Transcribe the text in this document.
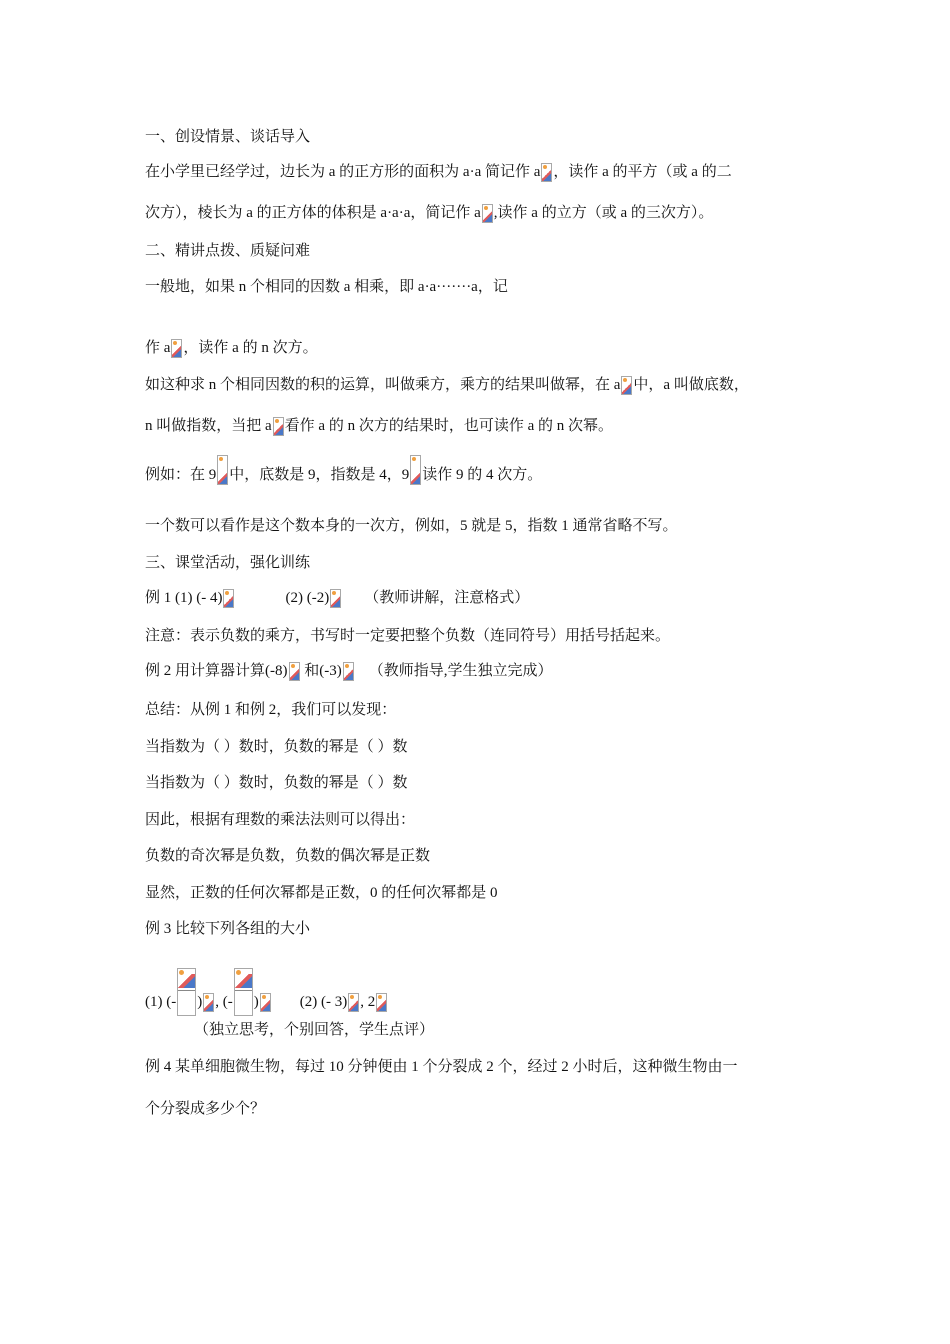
一、创设情景、谈话导入
在小学里已经学过，边长为 a 的正方形的面积为 a·a 简记作 a ，读作 a 的平方（或 a 的二
次方），棱长为 a 的正方体的体积是 a·a·a，简记作 a ,读作 a 的立方（或 a 的三次方）。
二、精讲点拨、质疑问难
一般地，如果 n 个相同的因数 a 相乘，即 a·a·······a，记
作 a ，读作 a 的 n 次方。
如这种求 n 个相同因数的积的运算，叫做乘方，乘方的结果叫做幂，在 a 中，a 叫做底数，
n 叫做指数，当把 a 看作 a 的 n 次方的结果时，也可读作 a 的 n 次幂。
例如：在 9 中，底数是 9，指数是 4，9 读作 9 的 4 次方。
一个数可以看作是这个数本身的一次方，例如，5 就是 5，指数 1 通常省略不写。
三、课堂活动，强化训练
例 1 (1) (- 4)	(2) (-2) （教师讲解，注意格式）
注意：表示负数的乘方，书写时一定要把整个负数（连同符号）用括号括起来。
例 2 用计算器计算(-8) 和(-3) （教师指导,学生独立完成）
总结：从例 1 和例 2，我们可以发现：
当指数为（ ）数时，负数的幂是（ ）数
当指数为（ ）数时，负数的幂是（ ）数
因此，根据有理数的乘法法则可以得出：
负数的奇次幂是负数，负数的偶次幂是正数
显然，正数的任何次幂都是正数，0 的任何次幂都是 0
例 3 比较下列各组的大小
(1) (- ) , (- )	(2) (- 3) , 2
（独立思考，个别回答，学生点评）
例 4 某单细胞微生物，每过 10 分钟便由 1 个分裂成 2 个，经过 2 小时后，这种微生物由一
个分裂成多少个？
